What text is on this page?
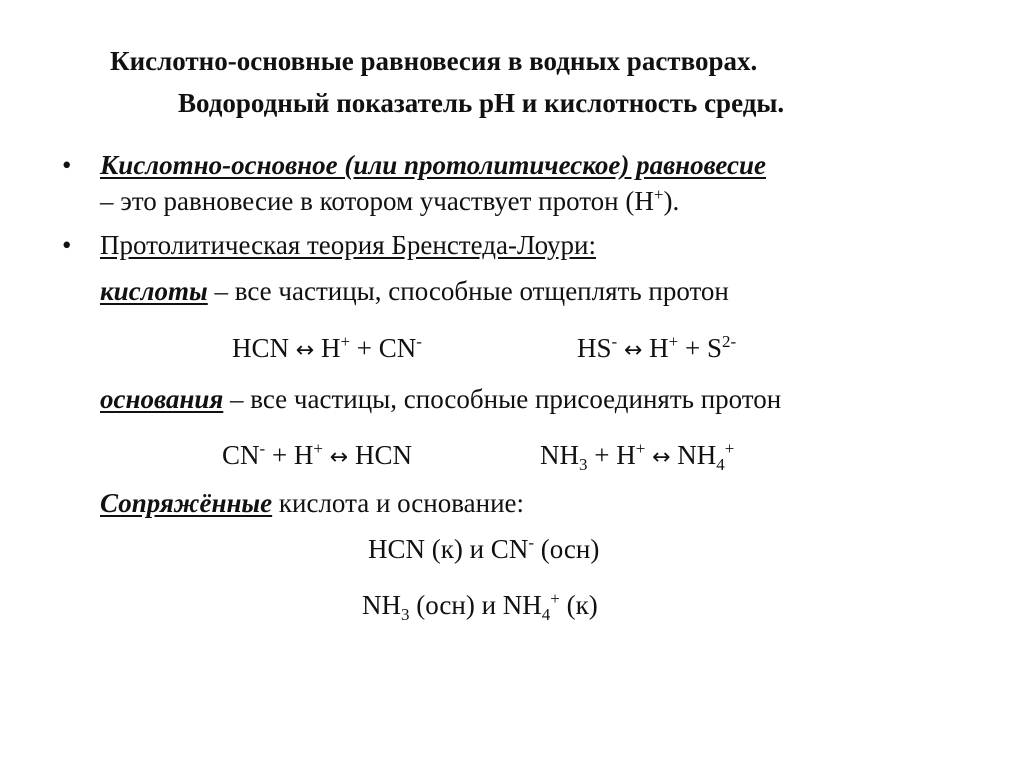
Кислотно-основные равновесия в водных растворах.
Водородный показатель pH и кислотность среды.
• Кислотно-основное (или протолитическое) равновесие
– это равновесие в котором участвует протон (H+).
• Протолитическая теория Бренстеда-Лоури:
кислоты – все частицы, способные отщеплять протон
HCN ↔ H+ + CN-	HS- ↔ $H^+ + S^{2-}$
основания – все частицы, способные присоединять протон
CN- + H+ ↔ HCN	$NH_3 + H^+$ ↔ $NH_4^+$
Сопряжённые кислота и основание:
HCN (к) и CN- (осн)
$NH_3$ (осн) и $NH_4^+$ (к)
